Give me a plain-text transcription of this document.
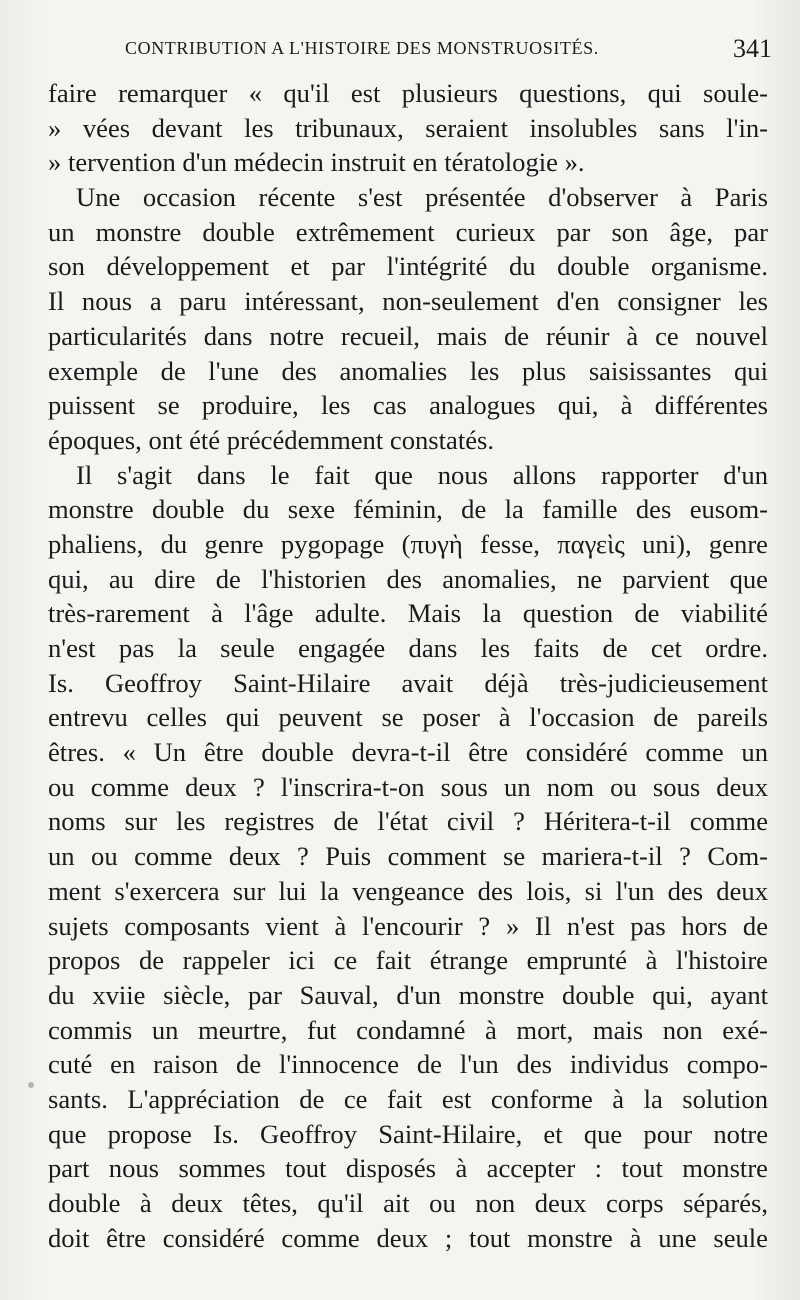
CONTRIBUTION A L'HISTOIRE DES MONSTRUOSITÉS.	341
faire remarquer « qu'il est plusieurs questions, qui soule-
» vées devant les tribunaux, seraient insolubles sans l'in-
» tervention d'un médecin instruit en tératologie ».
Une occasion récente s'est présentée d'observer à Paris
un monstre double extrêmement curieux par son âge, par
son développement et par l'intégrité du double organisme.
Il nous a paru intéressant, non-seulement d'en consigner les
particularités dans notre recueil, mais de réunir à ce nouvel
exemple de l'une des anomalies les plus saisissantes qui
puissent se produire, les cas analogues qui, à différentes
époques, ont été précédemment constatés.
Il s'agit dans le fait que nous allons rapporter d'un
monstre double du sexe féminin, de la famille des eusom-
phaliens, du genre pygopage (πυγὴ fesse, παγεὶς uni), genre
qui, au dire de l'historien des anomalies, ne parvient que
très-rarement à l'âge adulte. Mais la question de viabilité
n'est pas la seule engagée dans les faits de cet ordre.
Is. Geoffroy Saint-Hilaire avait déjà très-judicieusement
entrevu celles qui peuvent se poser à l'occasion de pareils
êtres. « Un être double devra-t-il être considéré comme un
ou comme deux ? l'inscrira-t-on sous un nom ou sous deux
noms sur les registres de l'état civil ? Héritera-t-il comme
un ou comme deux ? Puis comment se mariera-t-il ? Com-
ment s'exercera sur lui la vengeance des lois, si l'un des deux
sujets composants vient à l'encourir ? » Il n'est pas hors de
propos de rappeler ici ce fait étrange emprunté à l'histoire
du xviie siècle, par Sauval, d'un monstre double qui, ayant
commis un meurtre, fut condamné à mort, mais non exé-
cuté en raison de l'innocence de l'un des individus compo-
sants. L'appréciation de ce fait est conforme à la solution
que propose Is. Geoffroy Saint-Hilaire, et que pour notre
part nous sommes tout disposés à accepter : tout monstre
double à deux têtes, qu'il ait ou non deux corps séparés,
doit être considéré comme deux ; tout monstre à une seule
